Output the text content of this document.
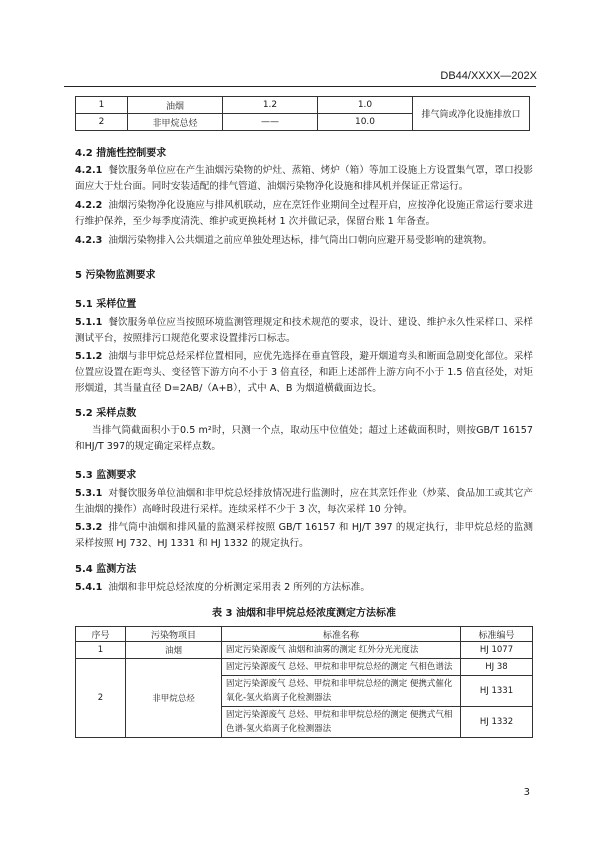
DB44/XXXX—202X
1	油烟	1.2	1.0	排气筒或净化设施排放口
2	非甲烷总烃	——	10.0	
4.2 措施性控制要求
4.2.1 餐饮服务单位应在产生油烟污染物的炉灶、蒸箱、烤炉（箱）等加工设施上方设置集气罩，罩口投影面应大于灶台面。同时安装适配的排气管道、油烟污染物净化设施和排风机并保证正常运行。
4.2.2 油烟污染物净化设施应与排风机联动，应在烹饪作业期间全过程开启，应按净化设施正常运行要求进行维护保养，至少每季度清洗、维护或更换耗材 1 次并做记录，保留台账 1 年备查。
4.2.3 油烟污染物排入公共烟道之前应单独处理达标，排气筒出口朝向应避开易受影响的建筑物。
5 污染物监测要求
5.1 采样位置
5.1.1 餐饮服务单位应当按照环境监测管理规定和技术规范的要求，设计、建设、维护永久性采样口、采样测试平台，按照排污口规范化要求设置排污口标志。
5.1.2 油烟与非甲烷总烃采样位置相同，应优先选择在垂直管段，避开烟道弯头和断面急剧变化部位。采样位置应设置在距弯头、变径管下游方向不小于 3 倍直径，和距上述部件上游方向不小于 1.5 倍直径处，对矩形烟道，其当量直径 D=2AB/（A+B），式中 A、B 为烟道横截面边长。
5.2 采样点数
当排气筒截面积小于0.5 m²时，只测一个点，取动压中位值处；超过上述截面积时，则按GB/T 16157和HJ/T 397的规定确定采样点数。
5.3 监测要求
5.3.1 对餐饮服务单位油烟和非甲烷总烃排放情况进行监测时，应在其烹饪作业（炒菜、食品加工或其它产生油烟的操作）高峰时段进行采样。连续采样不少于 3 次，每次采样 10 分钟。
5.3.2 排气筒中油烟和排风量的监测采样按照 GB/T 16157 和 HJ/T 397 的规定执行，非甲烷总烃的监测采样按照 HJ 732、HJ 1331 和 HJ 1332 的规定执行。
5.4 监测方法
5.4.1 油烟和非甲烷总烃浓度的分析测定采用表 2 所列的方法标准。
表 3 油烟和非甲烷总烃浓度测定方法标准
序号	污染物项目	标准名称	标准编号
1	油烟	固定污染源废气 油烟和油雾的测定 红外分光光度法	HJ 1077
2	非甲烷总烃	固定污染源废气 总烃、甲烷和非甲烷总烃的测定 气相色谱法	HJ 38
		固定污染源废气 总烃、甲烷和非甲烷总烃的测定 便携式催化氧化-氢火焰离子化检测器法	HJ 1331
		固定污染源废气 总烃、甲烷和非甲烷总烃的测定 便携式气相色谱-氢火焰离子化检测器法	HJ 1332
3
